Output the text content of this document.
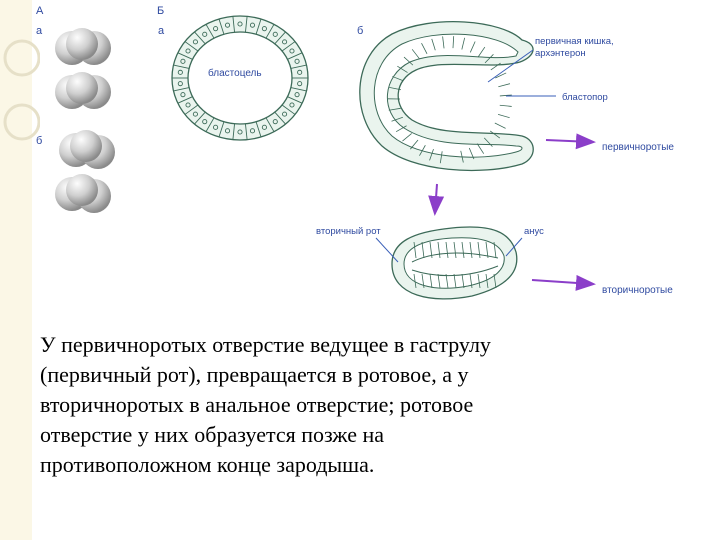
A
а
б
Б
а	б
бластоцель
первичная кишка,
архэнтерон
бластопор
первичноротые
вторичный рот	анус
вторичноротые
У первичноротых отверстие ведущее в гаструлу
(первичный рот), превращается в ротовое, а у
вторичноротых в анальное отверстие; ротовое
отверстие у них образуется позже на
противоположном конце зародыша.
